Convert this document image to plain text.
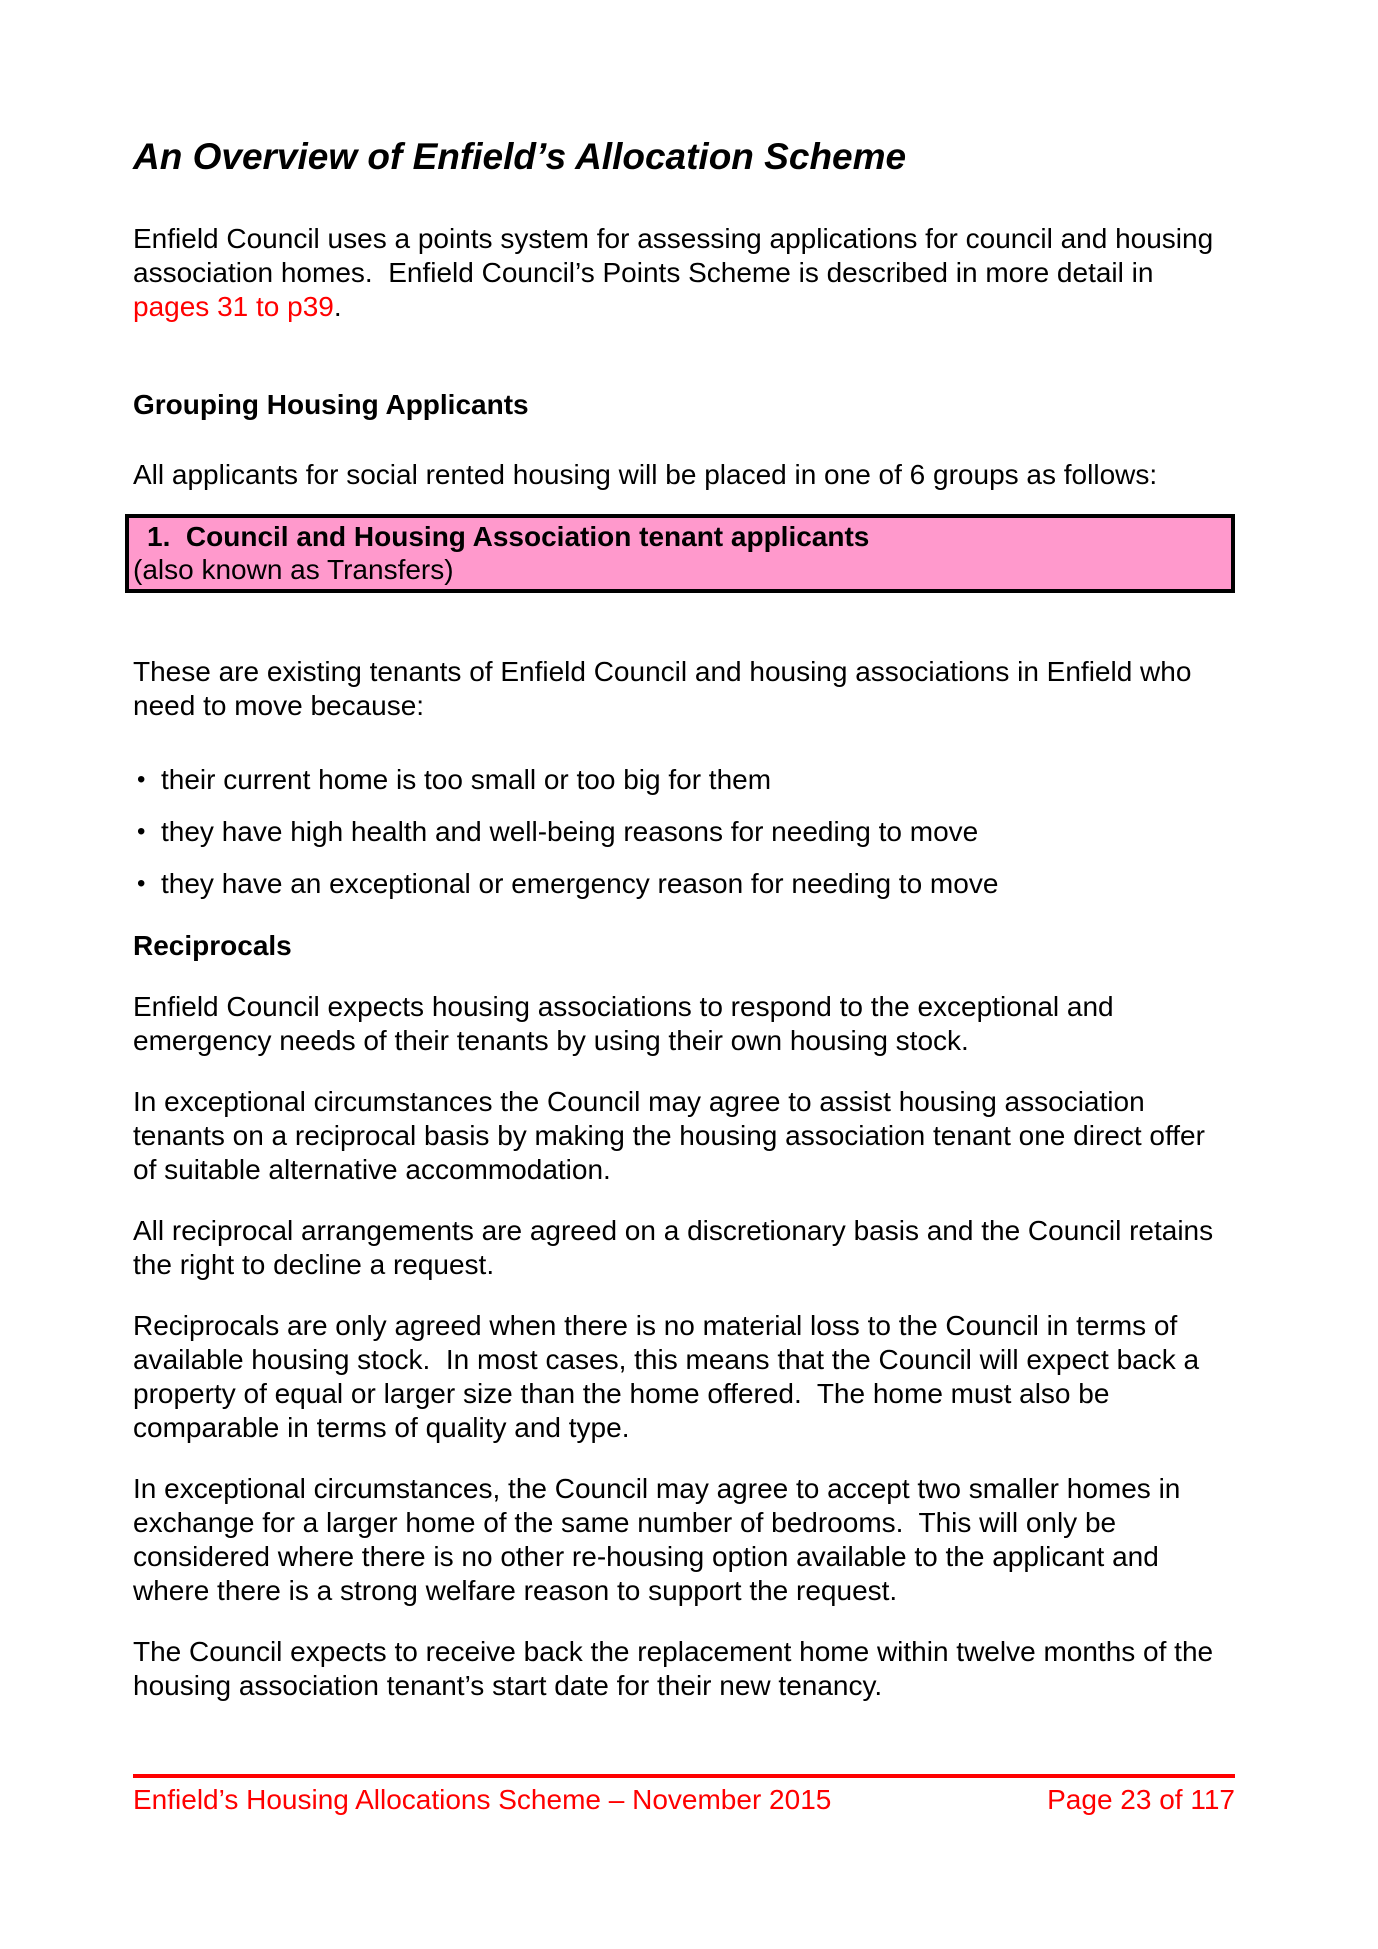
An Overview of Enfield’s Allocation Scheme

Enfield Council uses a points system for assessing applications for council and housing association homes.  Enfield Council’s Points Scheme is described in more detail in pages 31 to p39.

Grouping Housing Applicants

All applicants for social rented housing will be placed in one of 6 groups as follows:

1.  Council and Housing Association tenant applicants
(also known as Transfers)

These are existing tenants of Enfield Council and housing associations in Enfield who need to move because:

• their current home is too small or too big for them
• they have high health and well-being reasons for needing to move
• they have an exceptional or emergency reason for needing to move
Reciprocals

Enfield Council expects housing associations to respond to the exceptional and emergency needs of their tenants by using their own housing stock.

In exceptional circumstances the Council may agree to assist housing association tenants on a reciprocal basis by making the housing association tenant one direct offer of suitable alternative accommodation.

All reciprocal arrangements are agreed on a discretionary basis and the Council retains the right to decline a request.

Reciprocals are only agreed when there is no material loss to the Council in terms of available housing stock.  In most cases, this means that the Council will expect back a property of equal or larger size than the home offered.  The home must also be comparable in terms of quality and type.

In exceptional circumstances, the Council may agree to accept two smaller homes in exchange for a larger home of the same number of bedrooms.  This will only be considered where there is no other re-housing option available to the applicant and where there is a strong welfare reason to support the request.

The Council expects to receive back the replacement home within twelve months of the housing association tenant’s start date for their new tenancy.

Enfield’s Housing Allocations Scheme – November 2015	Page 23 of 117
